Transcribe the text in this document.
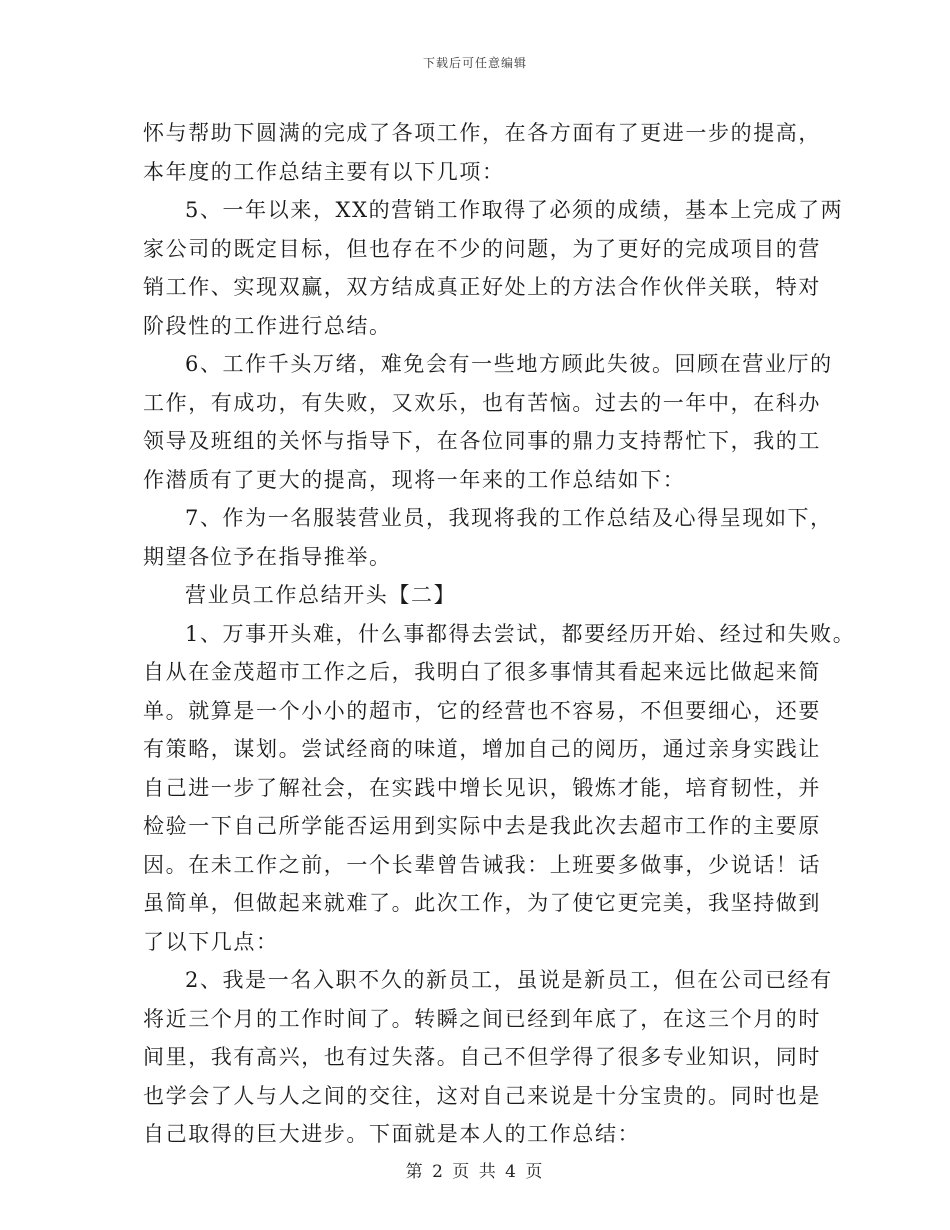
下载后可任意编辑
怀与帮助下圆满的完成了各项工作，在各方面有了更进一步的提高，
本年度的工作总结主要有以下几项：
5、一年以来，XX的营销工作取得了必须的成绩，基本上完成了两
家公司的既定目标，但也存在不少的问题，为了更好的完成项目的营
销工作、实现双赢，双方结成真正好处上的方法合作伙伴关联，特对
阶段性的工作进行总结。
6、工作千头万绪，难免会有一些地方顾此失彼。回顾在营业厅的
工作，有成功，有失败，又欢乐，也有苦恼。过去的一年中，在科办
领导及班组的关怀与指导下，在各位同事的鼎力支持帮忙下，我的工
作潜质有了更大的提高，现将一年来的工作总结如下：
7、作为一名服装营业员，我现将我的工作总结及心得呈现如下，
期望各位予在指导推举。
营业员工作总结开头【二】
1、万事开头难，什么事都得去尝试，都要经历开始、经过和失败。
自从在金茂超市工作之后，我明白了很多事情其看起来远比做起来简
单。就算是一个小小的超市，它的经营也不容易，不但要细心，还要
有策略，谋划。尝试经商的味道，增加自己的阅历，通过亲身实践让
自己进一步了解社会，在实践中增长见识，锻炼才能，培育韧性，并
检验一下自己所学能否运用到实际中去是我此次去超市工作的主要原
因。在未工作之前，一个长辈曾告诫我：上班要多做事，少说话！话
虽简单，但做起来就难了。此次工作，为了使它更完美，我坚持做到
了以下几点：
2、我是一名入职不久的新员工，虽说是新员工，但在公司已经有
将近三个月的工作时间了。转瞬之间已经到年底了，在这三个月的时
间里，我有高兴，也有过失落。自己不但学得了很多专业知识，同时
也学会了人与人之间的交往，这对自己来说是十分宝贵的。同时也是
自己取得的巨大进步。下面就是本人的工作总结：
第 2 页 共 4 页
